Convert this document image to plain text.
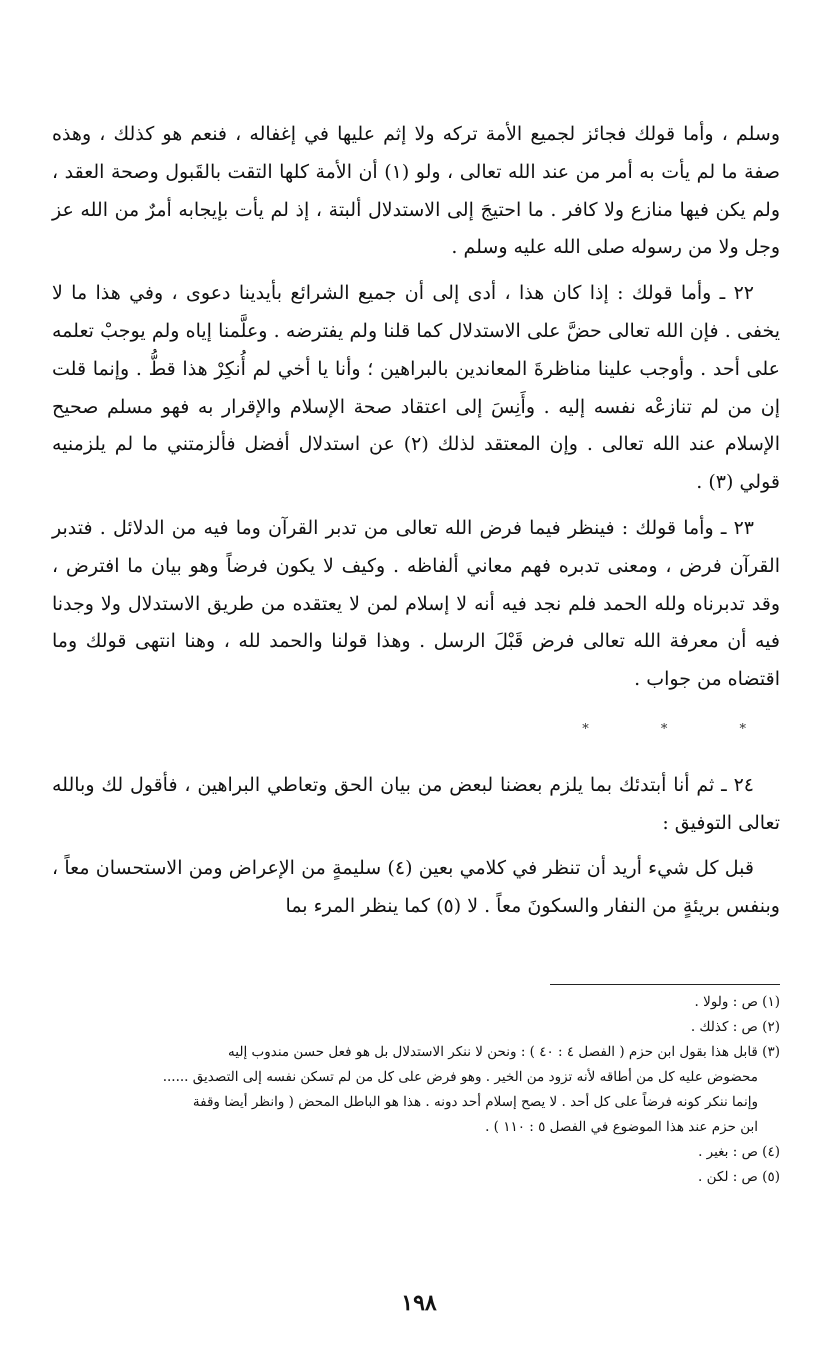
وسلم ، وأما قولك فجائز لجميع الأمة تركه ولا إثم عليها في إغفاله ، فنعم هو كذلك ، وهذه صفة ما لم يأت به أمر من عند الله تعالى ، ولو (١) أن الأمة كلها التقت بالقَبول وصحة العقد ، ولم يكن فيها منازع ولا كافر . ما احتيجَ إلى الاستدلال ألبتة ، إذ لم يأت بإيجابه أمرٌ من الله عز وجل ولا من رسوله صلى الله عليه وسلم .

٢٢ ـ وأما قولك : إذا كان هذا ، أدى إلى أن جميع الشرائع بأيدينا دعوى ، وفي هذا ما لا يخفى . فإن الله تعالى حضَّ على الاستدلال كما قلنا ولم يفترضه . وعلَّمنا إياه ولم يوجبْ تعلمه على أحد . وأوجب علينا مناظرةَ المعاندين بالبراهين ؛ وأنا يا أخي لم أُنكِرْ هذا قطُّ . وإنما قلت إن من لم تنازعْه نفسه إليه . وأَنِسَ إلى اعتقاد صحة الإسلام والإقرار به فهو مسلم صحيح الإسلام عند الله تعالى . وإن المعتقد لذلك (٢) عن استدلال أفضل فألزمتني ما لم يلزمنيه قولي (٣) .

٢٣ ـ وأما قولك : فينظر فيما فرض الله تعالى من تدبر القرآن وما فيه من الدلائل . فتدبر القرآن فرض ، ومعنى تدبره فهم معاني ألفاظه . وكيف لا يكون فرضاً وهو بيان ما افترض ، وقد تدبرناه ولله الحمد فلم نجد فيه أنه لا إسلام لمن لا يعتقده من طريق الاستدلال ولا وجدنا فيه أن معرفة الله تعالى فرض قَبْلَ الرسل . وهذا قولنا والحمد لله ، وهنا انتهى قولك وما اقتضاه من جواب .

* * *

٢٤ ـ ثم أنا أبتدئك بما يلزم بعضنا لبعض من بيان الحق وتعاطي البراهين ، فأقول لك وبالله تعالى التوفيق :

قبل كل شيء أريد أن تنظر في كلامي بعين (٤) سليمةٍ من الإعراض ومن الاستحسان معاً ، وبنفس بريئةٍ من النفار والسكونَ معاً . لا (٥) كما ينظر المرء بما

(١) ص : ولولا .

(٢) ص : كذلك .

(٣) قابل هذا بقول ابن حزم ( الفصل ٤ : ٤٠ ) : ونحن لا ننكر الاستدلال بل هو فعل حسن مندوب إليه

محضوض عليه كل من أطاقه لأنه تزود من الخير . وهو فرض على كل من لم تسكن نفسه إلى التصديق ......

وإنما ننكر كونه فرضاً على كل أحد . لا يصح إسلام أحد دونه . هذا هو الباطل المحض ( وانظر أيضا وقفة

ابن حزم عند هذا الموضوع في الفصل ٥ : ١١٠ ) .

(٤) ص : بغير .

(٥) ص : لكن .

١٩٨
